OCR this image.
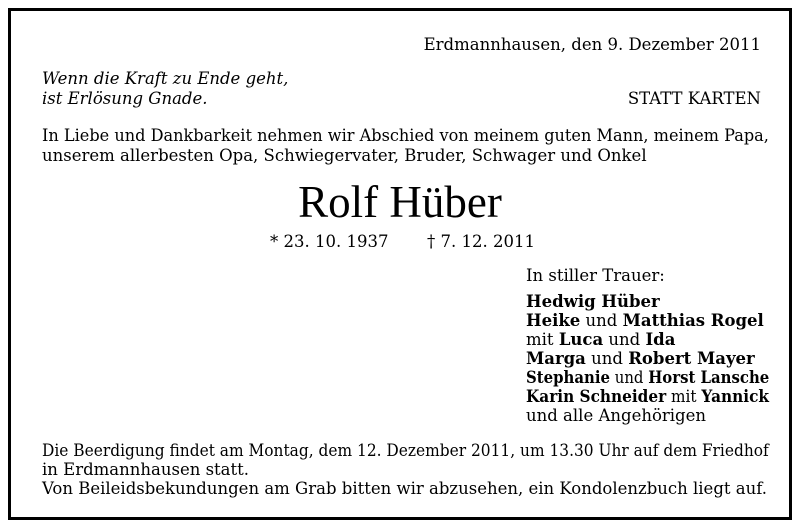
Erdmannhausen, den 9. Dezember 2011
Wenn die Kraft zu Ende geht,
ist Erlösung Gnade.	STATT KARTEN
In Liebe und Dankbarkeit nehmen wir Abschied von meinem guten Mann, meinem Papa,
unserem allerbesten Opa, Schwiegervater, Bruder, Schwager und Onkel
Rolf Hüber
* 23. 10. 1937 † 7. 12. 2011
In stiller Trauer:
Hedwig Hüber
Heike und Matthias Rogel
mit Luca und Ida
Marga und Robert Mayer
Stephanie und Horst Lansche
Karin Schneider mit Yannick
und alle Angehörigen
Die Beerdigung findet am Montag, dem 12. Dezember 2011, um 13.30 Uhr auf dem Friedhof
in Erdmannhausen statt.
Von Beileidsbekundungen am Grab bitten wir abzusehen, ein Kondolenzbuch liegt auf.
